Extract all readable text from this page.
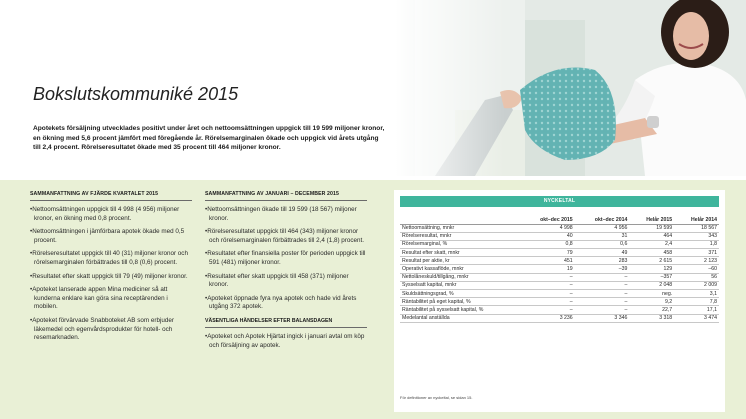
Bokslutskommuniké 2015

Apotekets försäljning utvecklades positivt under året och nettoomsättningen uppgick till 19 599 miljoner kronor, en ökning med 5,6 procent jämfört med föregående år. Rörelsemarginalen ökade och uppgick vid årets utgång till 2,4 procent. Rörelseresultatet ökade med 35 procent till 464 miljoner kronor.

SAMMANFATTNING AV FJÄRDE KVARTALET 2015
• Nettoomsättningen uppgick till 4 998 (4 956) miljoner kronor, en ökning med 0,8 procent.
• Nettoomsättningen i jämförbara apotek ökade med 0,5 procent.
• Rörelseresultatet uppgick till 40 (31) miljoner kronor och rörelsemarginalen förbättrades till 0,8 (0,6) procent.
• Resultatet efter skatt uppgick till 79 (49) miljoner kronor.
• Apoteket lanserade appen Mina mediciner så att kunderna enklare kan göra sina receptärenden i mobilen.
• Apoteket förvärvade Snabboteket AB som erbjuder läkemedel och egenvårdsprodukter för hotell- och resemarknaden.
SAMMANFATTNING AV JANUARI – DECEMBER 2015
• Nettoomsättningen ökade till 19 599 (18 567) miljoner kronor.
• Rörelseresultatet uppgick till 464 (343) miljoner kronor och rörelsemarginalen förbättrades till 2,4 (1,8) procent.
• Resultatet efter finansiella poster för perioden uppgick till 591 (481) miljoner kronor.
• Resultatet efter skatt uppgick till 458 (371) miljoner kronor.
• Apoteket öppnade fyra nya apotek och hade vid årets utgång 372 apotek.
VÄSENTLIGA HÄNDELSER EFTER BALANSDAGEN
• Apoteket och Apotek Hjärtat ingick i januari avtal om köp och försäljning av apotek.
NYCKELTAL
	okt–dec 2015	okt–dec 2014	Helår 2015	Helår 2014
Nettoomsättning, mnkr	4 998	4 956	19 599	18 567
Rörelseresultat, mnkr	40	31	464	343
Rörelsemarginal, %	0,8	0,6	2,4	1,8
Resultat efter skatt, mnkr	79	49	458	371
Resultat per aktie, kr	451	283	2 615	2 123
Operativt kassaflöde, mnkr	19	–39	129	–60
Nettolåneskuld/tillgång, mnkr	–	–	–357	56
Sysselsatt kapital, mnkr	–	–	2 048	2 009
Skuldsättningsgrad, %	–	–	neg.	3,1
Räntabilitet på eget kapital, %	–	–	9,2	7,8
Räntabilitet på sysselsatt kapital, %	–	–	22,7	17,1
Medelantal anställda	3 236	3 346	3 318	3 474
För definitioner av nyckeltal, se sidan 15.
